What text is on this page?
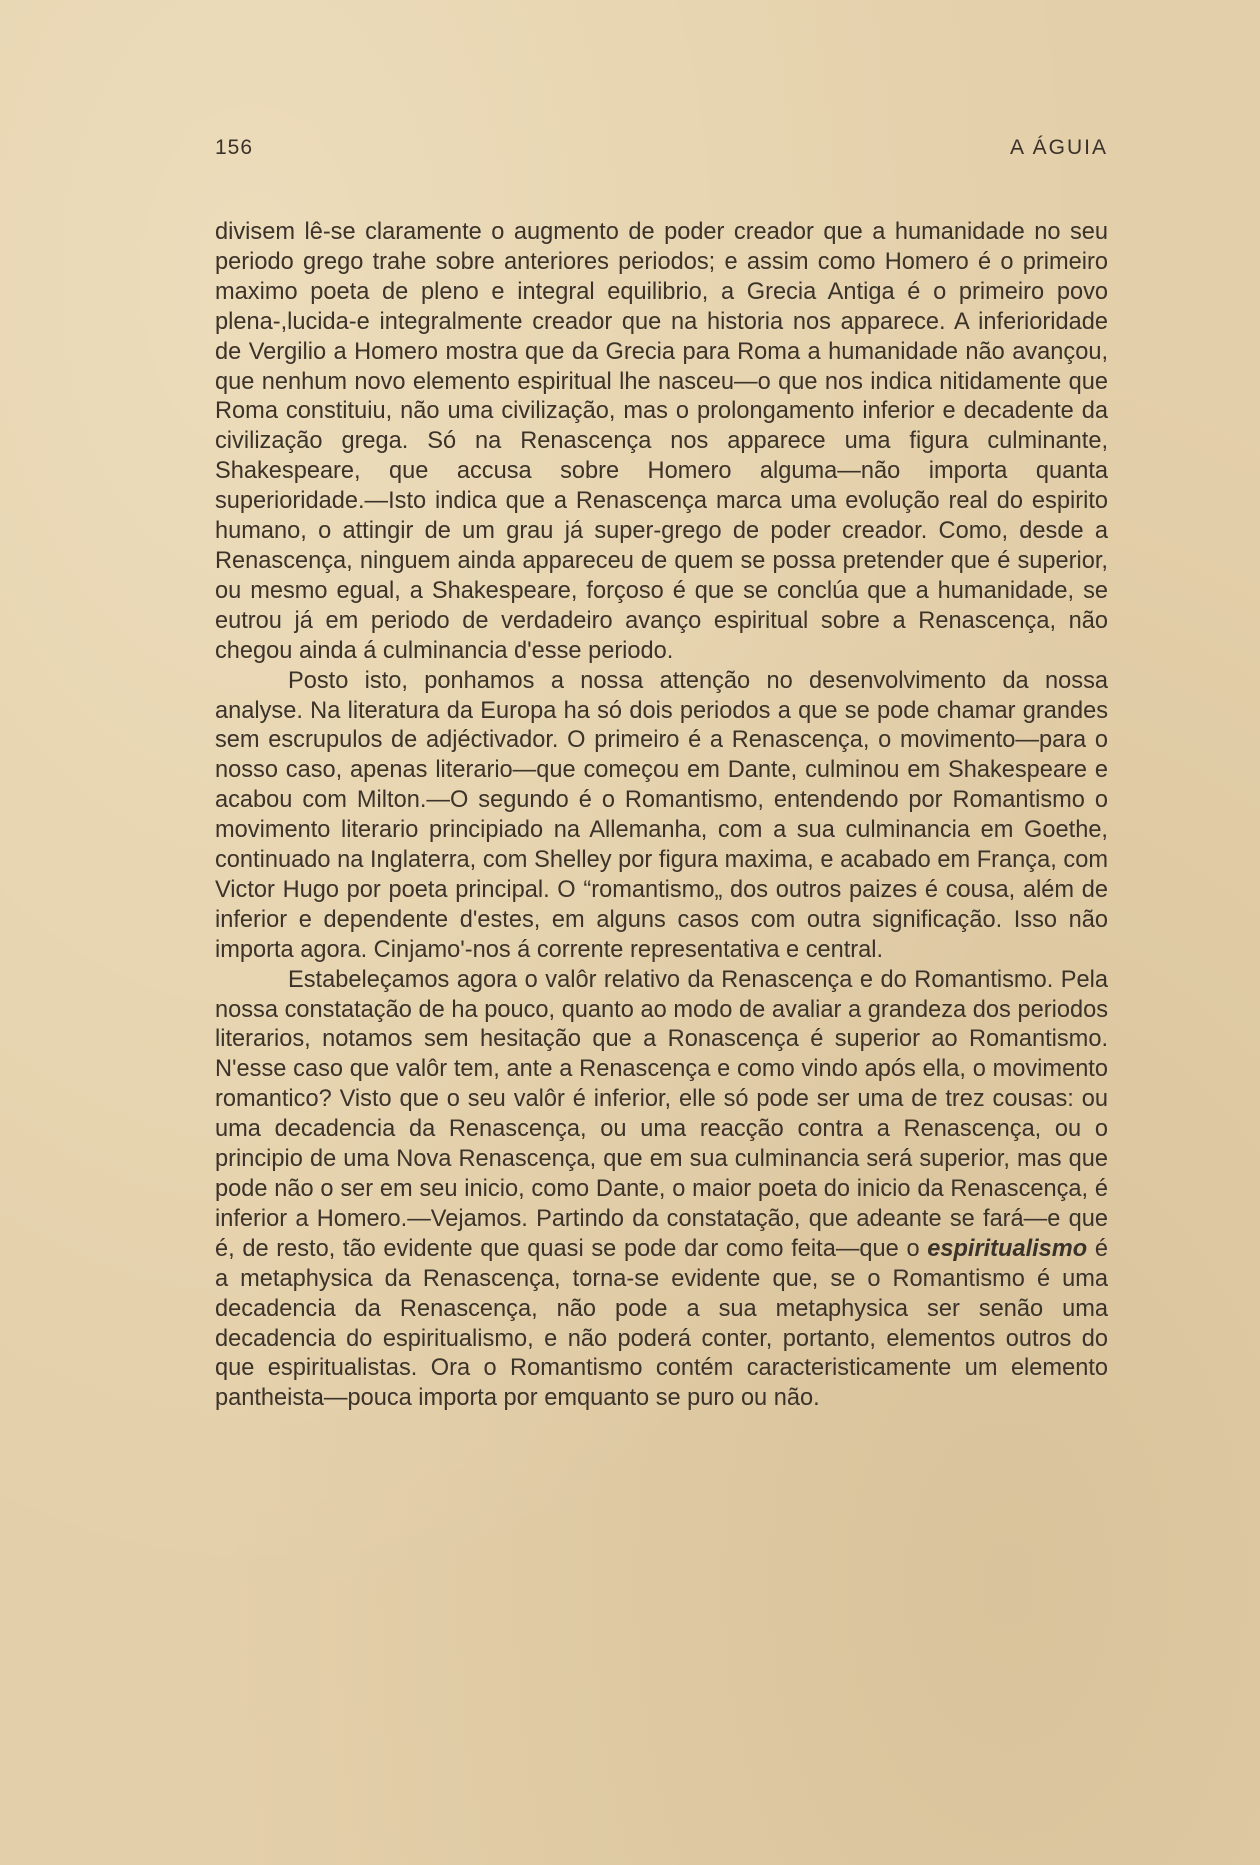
156	A ÁGUIA

divisem lê-se claramente o augmento de poder creador que a humanidade no seu periodo grego trahe sobre anteriores periodos; e assim como Homero é o primeiro maximo poeta de pleno e integral equilibrio, a Grecia Antiga é o primeiro povo plena-,lucida-e integralmente creador que na historia nos apparece. A inferioridade de Vergilio a Homero mostra que da Grecia para Roma a humanidade não avançou, que nenhum novo elemento espiritual lhe nasceu—o que nos indica nitidamente que Roma constituiu, não uma civilização, mas o prolongamento inferior e decadente da civilização grega. Só na Renascença nos apparece uma figura culminante, Shakespeare, que accusa sobre Homero alguma—não importa quanta superioridade.—Isto indica que a Renascença marca uma evolução real do espirito humano, o attingir de um grau já super-grego de poder creador. Como, desde a Renascença, ninguem ainda appareceu de quem se possa pretender que é superior, ou mesmo egual, a Shakespeare, forçoso é que se conclúa que a humanidade, se eutrou já em periodo de verdadeiro avanço espiritual sobre a Renascença, não chegou ainda á culminancia d'esse periodo.

Posto isto, ponhamos a nossa attenção no desenvolvimento da nossa analyse. Na literatura da Europa ha só dois periodos a que se pode chamar grandes sem escrupulos de adjéctivador. O primeiro é a Renascença, o movimento—para o nosso caso, apenas literario—que começou em Dante, culminou em Shakespeare e acabou com Milton.—O segundo é o Romantismo, entendendo por Romantismo o movimento literario principiado na Allemanha, com a sua culminancia em Goethe, continuado na Inglaterra, com Shelley por figura maxima, e acabado em França, com Victor Hugo por poeta principal. O “romantismo„ dos outros paizes é cousa, além de inferior e dependente d'estes, em alguns casos com outra significação. Isso não importa agora. Cinjamo'-nos á corrente representativa e central.

Estabeleçamos agora o valôr relativo da Renascença e do Romantismo. Pela nossa constatação de ha pouco, quanto ao modo de avaliar a grandeza dos periodos literarios, notamos sem hesitação que a Ronascença é superior ao Romantismo. N'esse caso que valôr tem, ante a Renascença e como vindo após ella, o movimento romantico? Visto que o seu valôr é inferior, elle só pode ser uma de trez cousas: ou uma decadencia da Renascença, ou uma reacção contra a Renascença, ou o principio de uma Nova Renascença, que em sua culminancia será superior, mas que pode não o ser em seu inicio, como Dante, o maior poeta do inicio da Renascença, é inferior a Homero.—Vejamos. Partindo da constatação, que adeante se fará—e que é, de resto, tão evidente que quasi se pode dar como feita—que o espiritualismo é a metaphysica da Renascença, torna-se evidente que, se o Romantismo é uma decadencia da Renascença, não pode a sua metaphysica ser senão uma decadencia do espiritualismo, e não poderá conter, portanto, elementos outros do que espiritualistas. Ora o Romantismo contém caracteristicamente um elemento pantheista—pouca importa por emquanto se puro ou não.
